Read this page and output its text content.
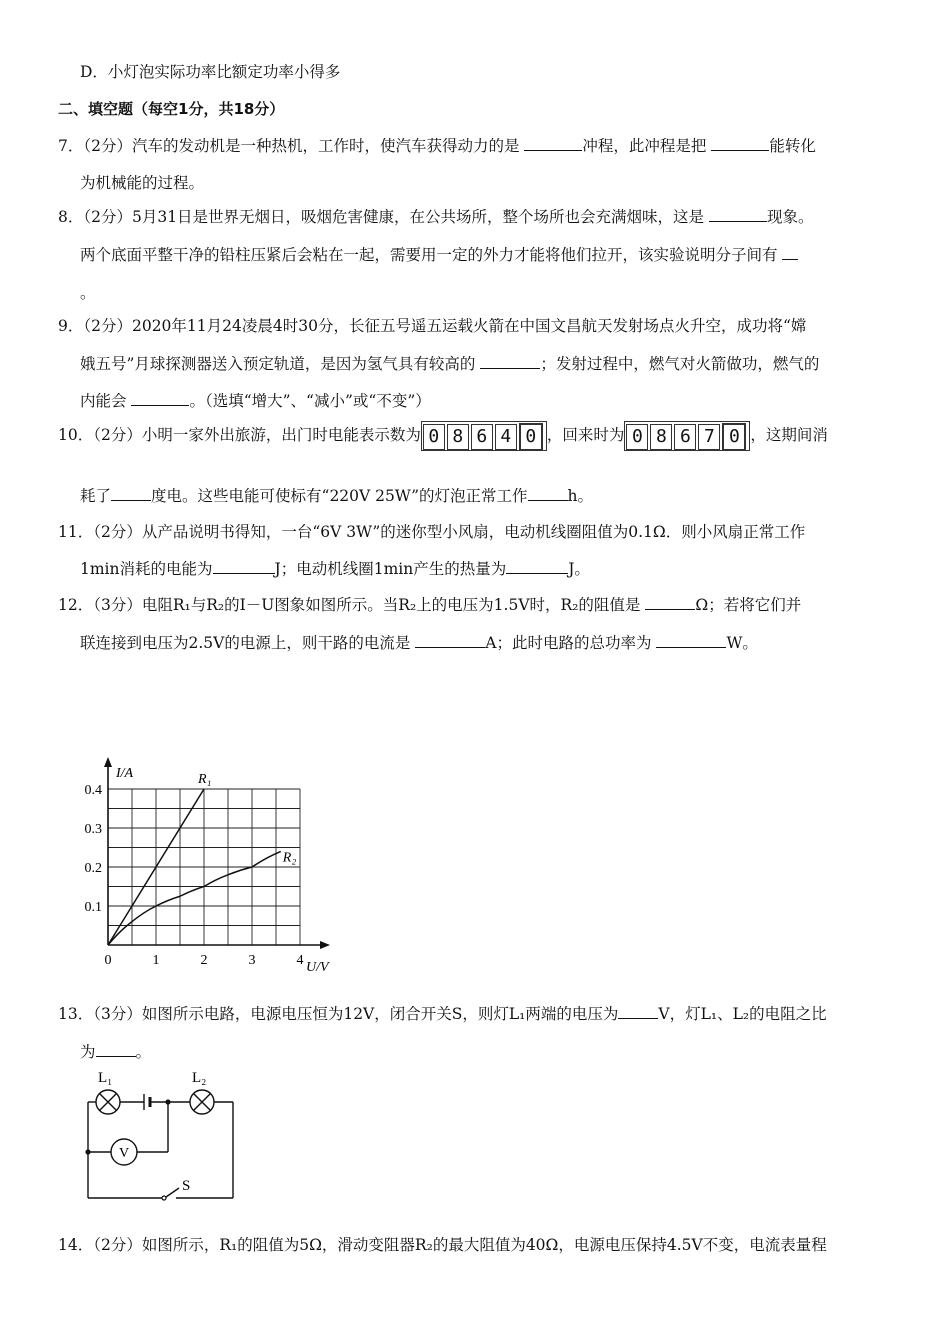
D．小灯泡实际功率比额定功率小得多
二、填空题（每空1分，共18分）
7．（2分）汽车的发动机是一种热机，工作时，使汽车获得动力的是	冲程，此冲程是把	能转化
为机械能的过程。
8．（2分）5月31日是世界无烟日，吸烟危害健康，在公共场所，整个场所也会充满烟味，这是	现象。
两个底面平整干净的铅柱压紧后会粘在一起，需要用一定的外力才能将他们拉开，该实验说明分子间有
。
9．（2分）2020年11月24凌晨4时30分，长征五号遥五运载火箭在中国文昌航天发射场点火升空，成功将“嫦
娥五号”月球探测器送入预定轨道，是因为氢气具有较高的	；发射过程中，燃气对火箭做功，燃气的
内能会	。（选填“增大”、“减小”或“不变”）
10．（2分）小明一家外出旅游，出门时电能表示数为 0 8 6 4 0 ，回来时为 0 8 6 7 0 ，这期间消
耗了	度电。这些电能可使标有“220V 25W”的灯泡正常工作	h。
11．（2分）从产品说明书得知，一台“6V 3W”的迷你型小风扇，电动机线圈阻值为0.1Ω．则小风扇正常工作
1min消耗的电能为	J；电动机线圈1min产生的热量为	J。
12．（3分）电阻R₁与R₂的I－U图象如图所示。当R₂上的电压为1.5V时，R₂的阻值是	Ω；若将它们并
联连接到电压为2.5V的电源上，则干路的电流是	A；此时电路的总功率为	W。
0	1	2	3	4
0.1
0.2
0.3
0.4
U/V
I/A	R₁
R₂
13．（3分）如图所示电路，电源电压恒为12V，闭合开关S，则灯L₁两端的电压为	V，灯L₁、L₂的电阻之比
为	。
V
L₁	L₂
S
14．（2分）如图所示，R₁的阻值为5Ω，滑动变阻器R₂的最大阻值为40Ω，电源电压保持4.5V不变，电流表量程
